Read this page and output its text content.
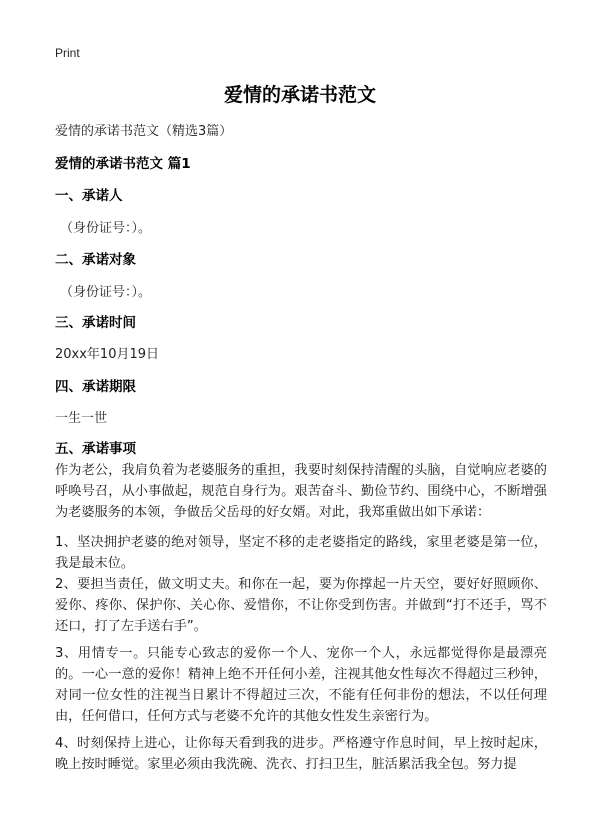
Print
爱情的承诺书范文
爱情的承诺书范文（精选3篇）
爱情的承诺书范文 篇1
一、承诺人
（身份证号：）。
二、承诺对象
（身份证号：）。
三、承诺时间
20xx年10月19日
四、承诺期限
一生一世
五、承诺事项
作为老公，我肩负着为老婆服务的重担，我要时刻保持清醒的头脑，自觉响应老婆的呼唤号召，从小事做起，规范自身行为。艰苦奋斗、勤俭节约、围绕中心，不断增强为老婆服务的本领，争做岳父岳母的好女婿。对此，我郑重做出如下承诺：
1、坚决拥护老婆的绝对领导，坚定不移的走老婆指定的路线，家里老婆是第一位，我是最末位。
2、要担当责任，做文明丈夫。和你在一起，要为你撑起一片天空，要好好照顾你、爱你、疼你、保护你、关心你、爱惜你，不让你受到伤害。并做到“打不还手，骂不还口，打了左手送右手”。
3、用情专一。只能专心致志的爱你一个人、宠你一个人，永远都觉得你是最漂亮的。一心一意的爱你！精神上绝不开任何小差，注视其他女性每次不得超过三秒钟，对同一位女性的注视当日累计不得超过三次，不能有任何非份的想法，不以任何理由，任何借口，任何方式与老婆不允许的其他女性发生亲密行为。
4、时刻保持上进心，让你每天看到我的进步。严格遵守作息时间，早上按时起床，晚上按时睡觉。家里必须由我洗碗、洗衣、打扫卫生，脏活累活我全包。努力提
